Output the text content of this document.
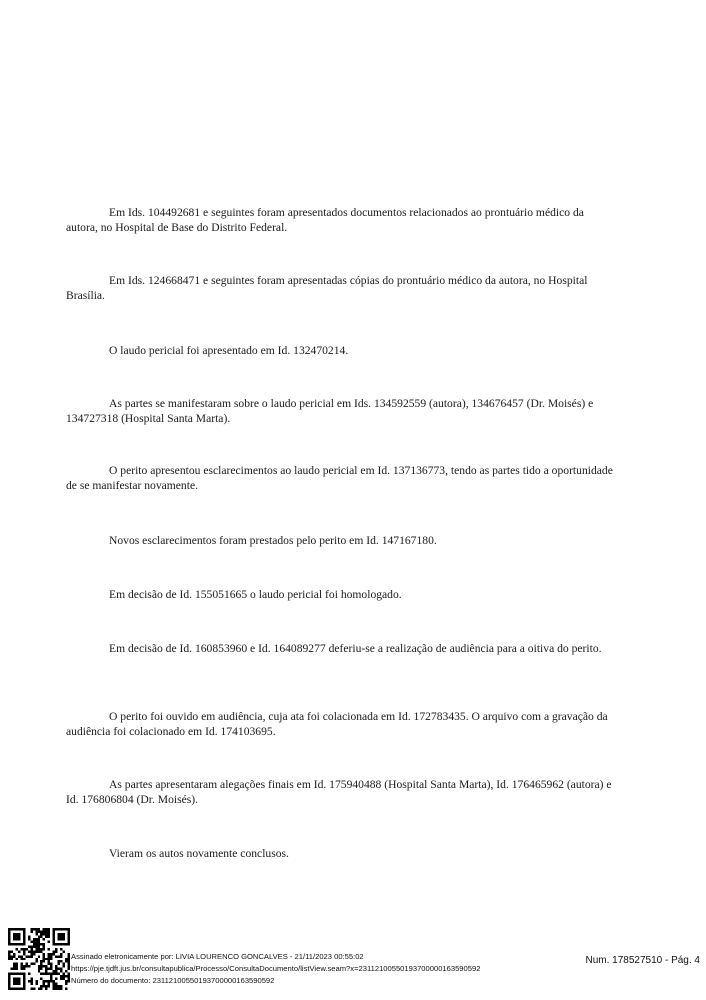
Em Ids. 104492681 e seguintes foram apresentados documentos relacionados ao prontuário médico da autora, no Hospital de Base do Distrito Federal.

Em Ids. 124668471 e seguintes foram apresentadas cópias do prontuário médico da autora, no Hospital Brasília.

O laudo pericial foi apresentado em Id. 132470214.

As partes se manifestaram sobre o laudo pericial em Ids. 134592559 (autora), 134676457 (Dr. Moisés) e 134727318 (Hospital Santa Marta).

O perito apresentou esclarecimentos ao laudo pericial em Id. 137136773, tendo as partes tido a oportunidade de se manifestar novamente.

Novos esclarecimentos foram prestados pelo perito em Id. 147167180.

Em decisão de Id. 155051665 o laudo pericial foi homologado.

Em decisão de Id. 160853960 e Id. 164089277 deferiu-se a realização de audiência para a oitiva do perito.

O perito foi ouvido em audiência, cuja ata foi colacionada em Id. 172783435. O arquivo com a gravação da audiência foi colacionado em Id. 174103695.

As partes apresentaram alegações finais em Id. 175940488 (Hospital Santa Marta), Id. 176465962 (autora) e Id. 176806804 (Dr. Moisés).

Vieram os autos novamente conclusos.

Assinado eletronicamente por: LIVIA LOURENCO GONCALVES - 21/11/2023 00:55:02
https://pje.tjdft.jus.br/consultapublica/Processo/ConsultaDocumento/listView.seam?x=23112100550193700000163590592
Número do documento: 23112100550193700000163590592
Num. 178527510 - Pág. 4
